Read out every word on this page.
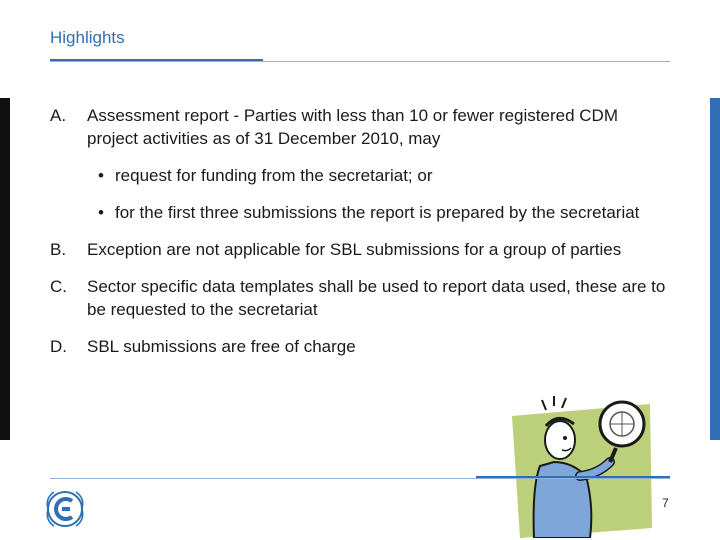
Highlights
A.	Assessment report - Parties with less than 10 or fewer registered CDM project activities as of 31 December 2010, may
• request for funding from the secretariat; or
• for the first three submissions the report is prepared by the secretariat
B.	Exception are not applicable for SBL submissions for a group of parties
C.	Sector specific data templates shall be used to report data used, these are to be requested to the secretariat
D.	SBL submissions are free of charge
7
